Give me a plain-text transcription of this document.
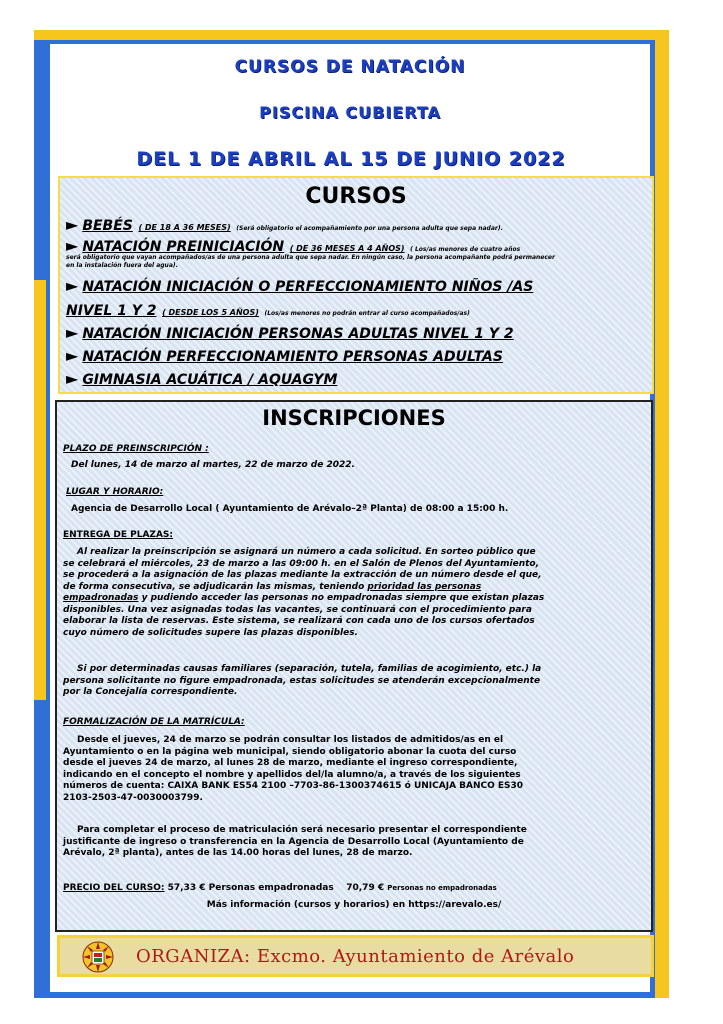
CURSOS DE NATACIÓN
PISCINA CUBIERTA
DEL 1 DE ABRIL AL 15 DE JUNIO 2022
CURSOS
► BEBÉS ( DE 18 A 36 MESES) (Será obligatorio el acompañamiento por una persona adulta que sepa nadar).
► NATACIÓN PREINICIACIÓN ( DE 36 MESES A 4 AÑOS) ( Los/as menores de cuatro años
será obligatorio que vayan acompañados/as de una persona adulta que sepa nadar. En ningún caso, la persona acompañante podrá permanecer
en la instalación fuera del agua).
► NATACIÓN INICIACIÓN O PERFECCIONAMIENTO NIÑOS /AS
NIVEL 1 Y 2 ( DESDE LOS 5 AÑOS) (Los/as menores no podrán entrar al curso acompañados/as)
► NATACIÓN INICIACIÓN PERSONAS ADULTAS NIVEL 1 Y 2
► NATACIÓN PERFECCIONAMIENTO PERSONAS ADULTAS
► GIMNASIA ACUÁTICA / AQUAGYM
INSCRIPCIONES
PLAZO DE PREINSCRIPCIÓN :
Del lunes, 14 de marzo al martes, 22 de marzo de 2022.
LUGAR Y HORARIO:
Agencia de Desarrollo Local ( Ayuntamiento de Arévalo–2ª Planta) de 08:00 a 15:00 h.
ENTREGA DE PLAZAS:
Al realizar la preinscripción se asignará un número a cada solicitud. En sorteo público que
se celebrará el miércoles, 23 de marzo a las 09:00 h. en el Salón de Plenos del Ayuntamiento,
se procederá a la asignación de las plazas mediante la extracción de un número desde el que,
de forma consecutiva, se adjudicarán las mismas, teniendo prioridad las personas
empadronadas y pudiendo acceder las personas no empadronadas siempre que existan plazas
disponibles. Una vez asignadas todas las vacantes, se continuará con el procedimiento para
elaborar la lista de reservas. Este sistema, se realizará con cada uno de los cursos ofertados
cuyo número de solicitudes supere las plazas disponibles.
Si por determinadas causas familiares (separación, tutela, familias de acogimiento, etc.) la
persona solicitante no figure empadronada, estas solicitudes se atenderán excepcionalmente
por la Concejalía correspondiente.
FORMALIZACIÓN DE LA MATRÍCULA:
Desde el jueves, 24 de marzo se podrán consultar los listados de admitidos/as en el
Ayuntamiento o en la página web municipal, siendo obligatorio abonar la cuota del curso
desde el jueves 24 de marzo, al lunes 28 de marzo, mediante el ingreso correspondiente,
indicando en el concepto el nombre y apellidos del/la alumno/a, a través de los siguientes
números de cuenta: CAIXA BANK ES54 2100 –7703-86-1300374615 ó UNICAJA BANCO ES30
2103-2503-47-0030003799.
Para completar el proceso de matriculación será necesario presentar el correspondiente
justificante de ingreso o transferencia en la Agencia de Desarrollo Local (Ayuntamiento de
Arévalo, 2ª planta), antes de las 14.00 horas del lunes, 28 de marzo.
PRECIO DEL CURSO: 57,33 € Personas empadronadas 70,79 € Personas no empadronadas
Más información (cursos y horarios) en https://arevalo.es/
ORGANIZA: Excmo. Ayuntamiento de Arévalo
